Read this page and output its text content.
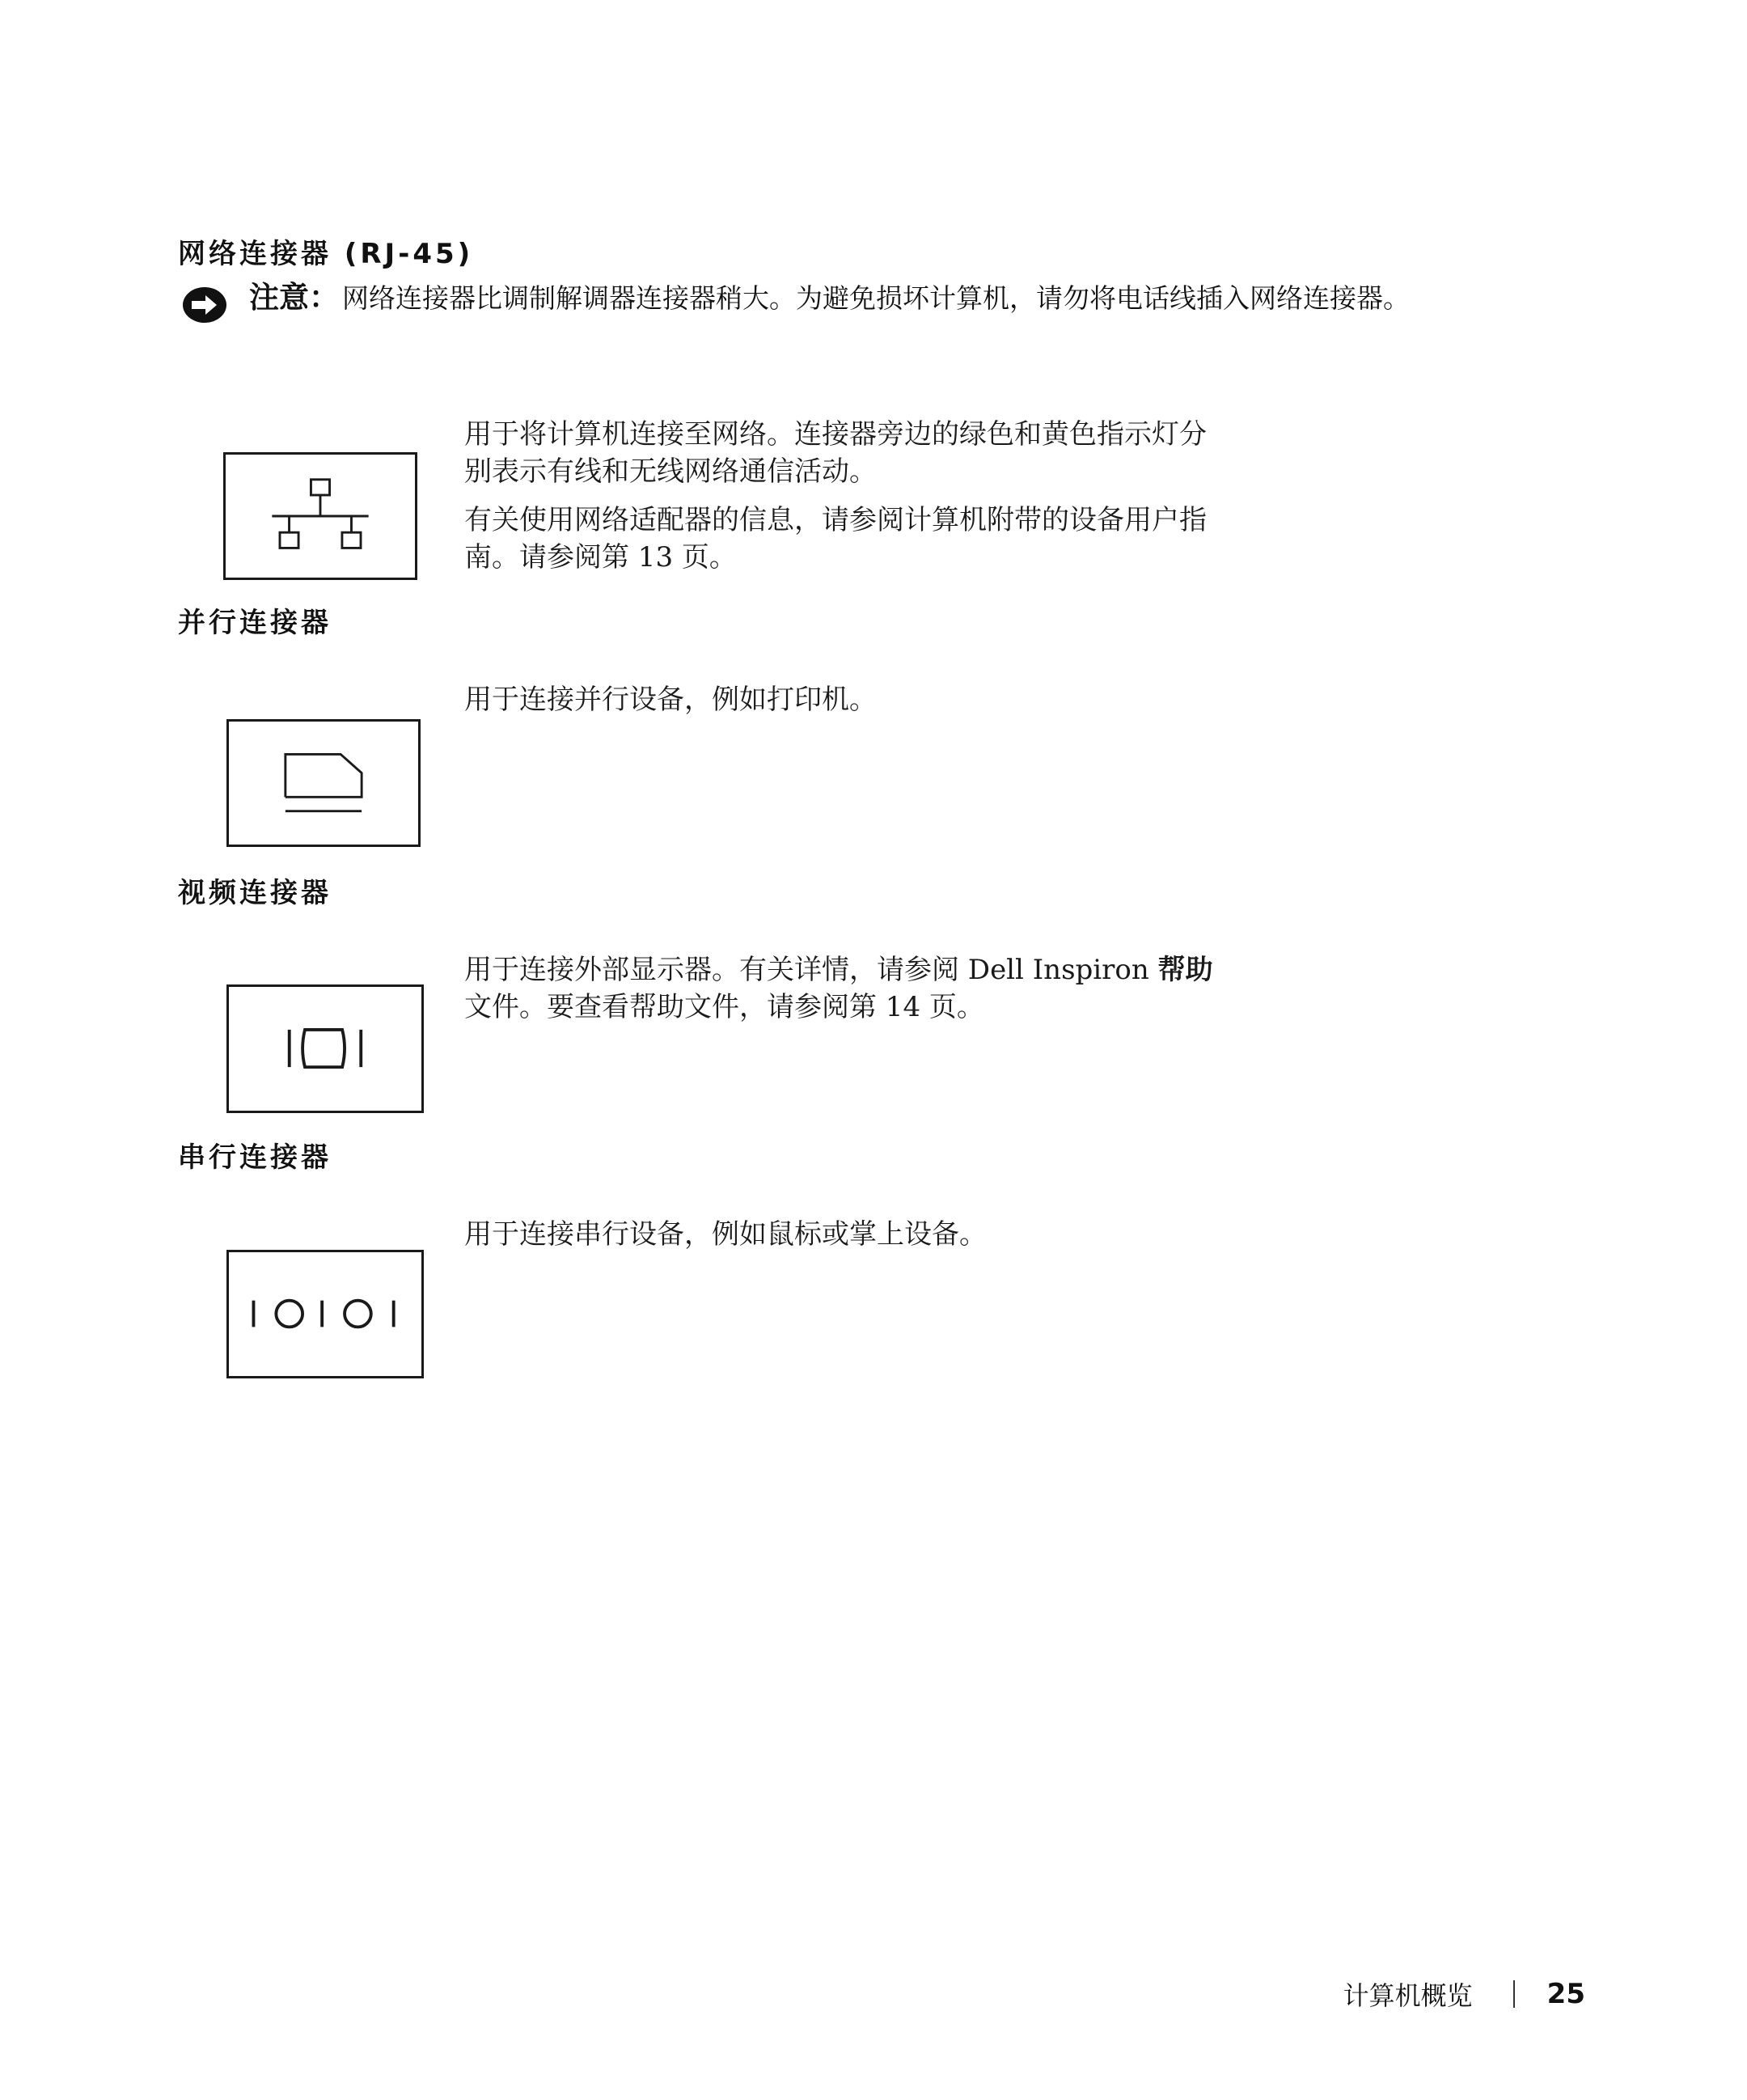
网络连接器 (RJ-45)
注意： 网络连接器比调制解调器连接器稍大。为避免损坏计算机，请勿将电话线插入网络连接器。

用于将计算机连接至网络。连接器旁边的绿色和黄色指示灯分别表示有线和无线网络通信活动。

有关使用网络适配器的信息，请参阅计算机附带的设备用户指南。请参阅第 13 页。

并行连接器

用于连接并行设备，例如打印机。

视频连接器

用于连接外部显示器。有关详情，请参阅 Dell Inspiron 帮助文件。要查看帮助文件，请参阅第 14 页。

串行连接器

用于连接串行设备，例如鼠标或掌上设备。

计算机概览	25
